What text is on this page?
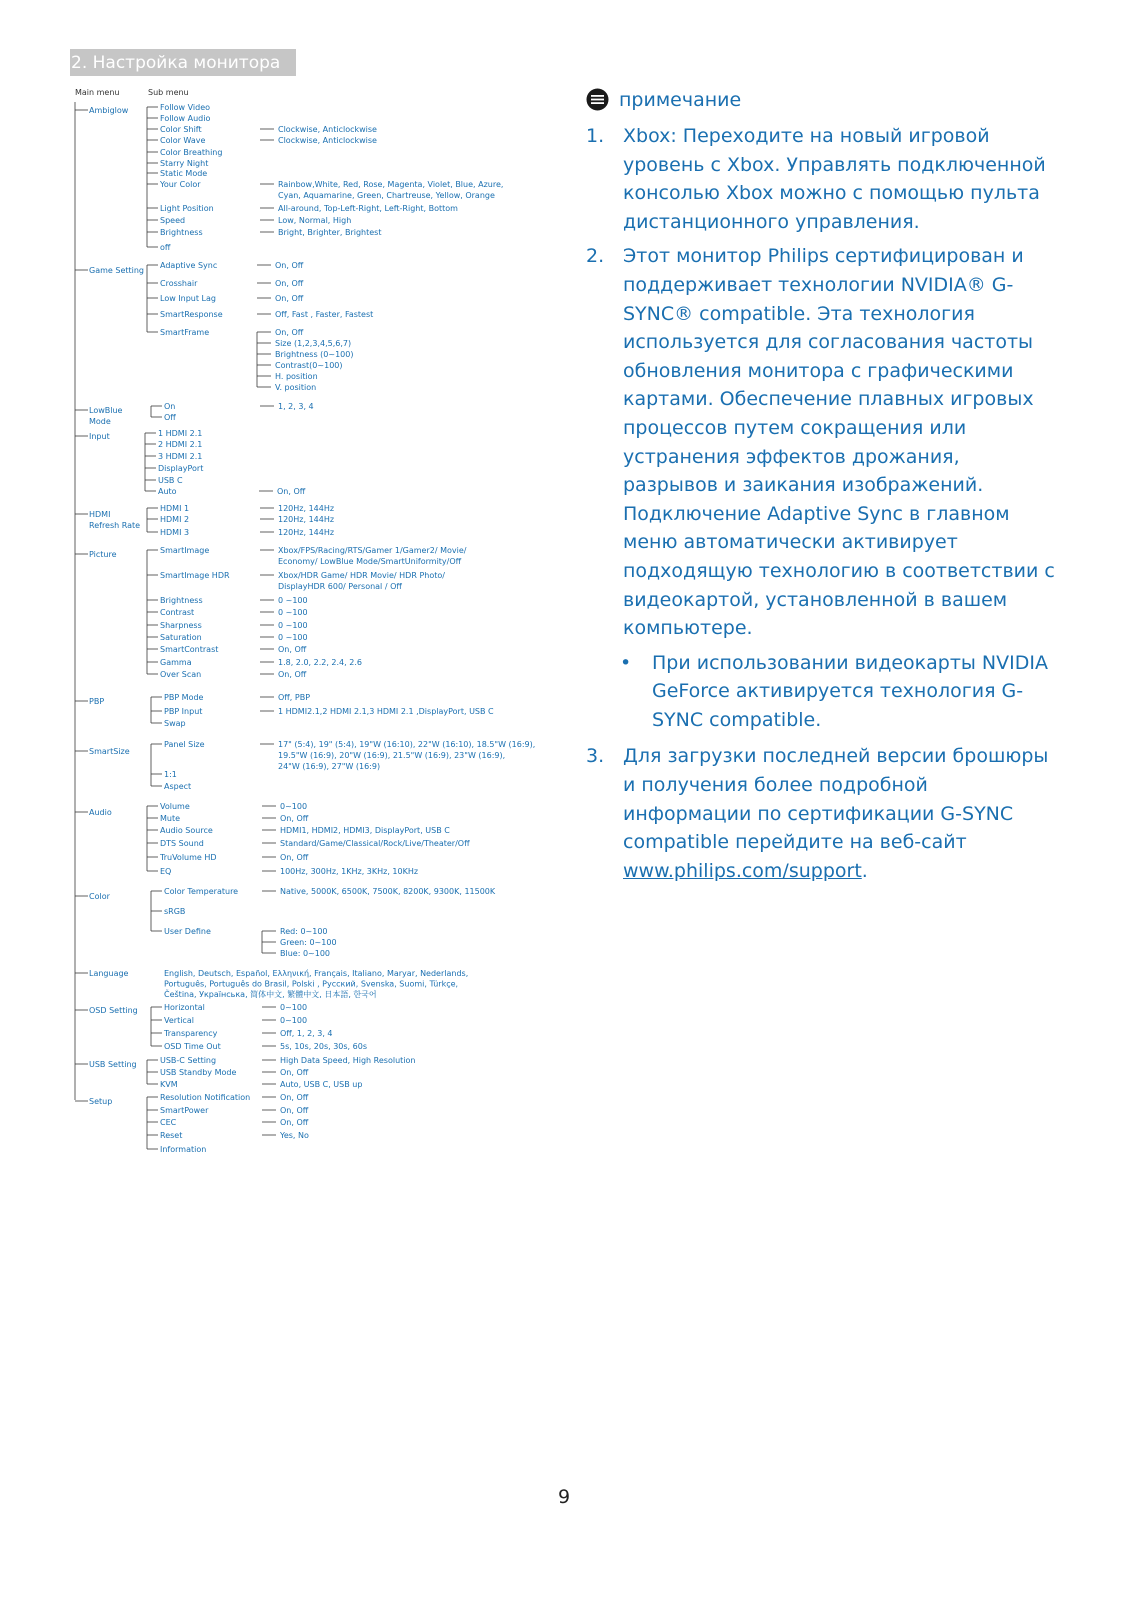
2. Настройка монитора
Main menu	Sub menu
Ambiglow	Follow Video
Follow Audio
Color Shift	Clockwise, Anticlockwise
Color Wave	Clockwise, Anticlockwise
Color Breathing
Starry Night
Static Mode
Your Color	Rainbow,White, Red, Rose, Magenta, Violet, Blue, Azure,
Cyan, Aquamarine, Green, Chartreuse, Yellow, Orange
Light Position	All-around, Top-Left-Right, Left-Right, Bottom
Speed	Low, Normal, High
Brightness	Bright, Brighter, Brightest
off
Game Setting
Adaptive Sync	On, Off
Crosshair	On, Off
Low Input Lag	On, Off
SmartResponse	Off, Fast , Faster, Fastest
SmartFrame	On, Off
Size (1,2,3,4,5,6,7)
Brightness (0~100)
Contrast(0~100)
H. position
V. position
LowBlue
Mode
On	1, 2, 3, 4
Off
Input	1 HDMI 2.1
2 HDMI 2.1
3 HDMI 2.1
DisplayPort
USB C
Auto	On, Off
HDMI
Refresh Rate
HDMI 1	120Hz, 144Hz
HDMI 2	120Hz, 144Hz
HDMI 3	120Hz, 144Hz
Picture	SmartImage	Xbox/FPS/Racing/RTS/Gamer 1/Gamer2/ Movie/
Economy/ LowBlue Mode/SmartUniformity/Off
SmartImage HDR	Xbox/HDR Game/ HDR Movie/ HDR Photo/
DisplayHDR 600/ Personal / Off
Brightness	0 ~100
Contrast	0 ~100
Sharpness	0 ~100
Saturation	0 ~100
SmartContrast	On, Off
Gamma	1.8, 2.0, 2.2, 2.4, 2.6
Over Scan	On, Off
PBP	PBP Mode	Off, PBP
PBP Input	1 HDMI2.1,2 HDMI 2.1,3 HDMI 2.1 ,DisplayPort, USB C
Swap
SmartSize
Panel Size	17" (5:4), 19" (5:4), 19"W (16:10), 22"W (16:10), 18.5"W (16:9),
19.5"W (16:9), 20"W (16:9), 21.5"W (16:9), 23"W (16:9),
24"W (16:9), 27"W (16:9)
1:1
Aspect
Audio
Volume	0~100
Mute	On, Off
Audio Source	HDMI1, HDMI2, HDMI3, DisplayPort, USB C
DTS Sound	Standard/Game/Classical/Rock/Live/Theater/Off
TruVolume HD	On, Off
EQ	100Hz, 300Hz, 1KHz, 3KHz, 10KHz
Color
Color Temperature	Native, 5000K, 6500K, 7500K, 8200K, 9300K, 11500K
sRGB
User Define	Red: 0~100
Green: 0~100
Blue: 0~100
Language	English, Deutsch, Español, Ελληνική, Français, Italiano, Maryar, Nederlands,
Português, Português do Brasil, Polski , Русский, Svenska, Suomi, Türkçe,
Čeština, Українська, 简体中文, 繁體中文, 日本語, 한국어
OSD Setting	Horizontal	0~100
Vertical	0~100
Transparency	Off, 1, 2, 3, 4
OSD Time Out	5s, 10s, 20s, 30s, 60s
USB Setting	USB-C Setting	High Data Speed, High Resolution
USB Standby Mode	On, Off
KVM	Auto, USB C, USB up
Setup	Resolution Notification	On, Off
SmartPower	On, Off
CEC	On, Off
Reset	Yes, No
Information
примечание
1. Xbox: Переходите на новый игровой уровень с Xbox. Управлять подключенной консолью Xbox можно с помощью пульта дистанционного управления.
2. Этот монитор Philips сертифицирован и поддерживает технологии NVIDIA® G-SYNC® compatible. Эта технология используется для согласования частоты обновления монитора с графическими картами. Обеспечение плавных игровых процессов путем сокращения или устранения эффектов дрожания, разрывов и заикания изображений. Подключение Adaptive Sync в главном меню автоматически активирует подходящую технологию в соответствии с видеокартой, установленной в вашем компьютере.
• При использовании видеокарты NVIDIA GeForce активируется технология G-SYNC compatible.
3. Для загрузки последней версии брошюры и получения более подробной информации по сертификации G-SYNC compatible перейдите на веб-сайт www.philips.com/support.
9
